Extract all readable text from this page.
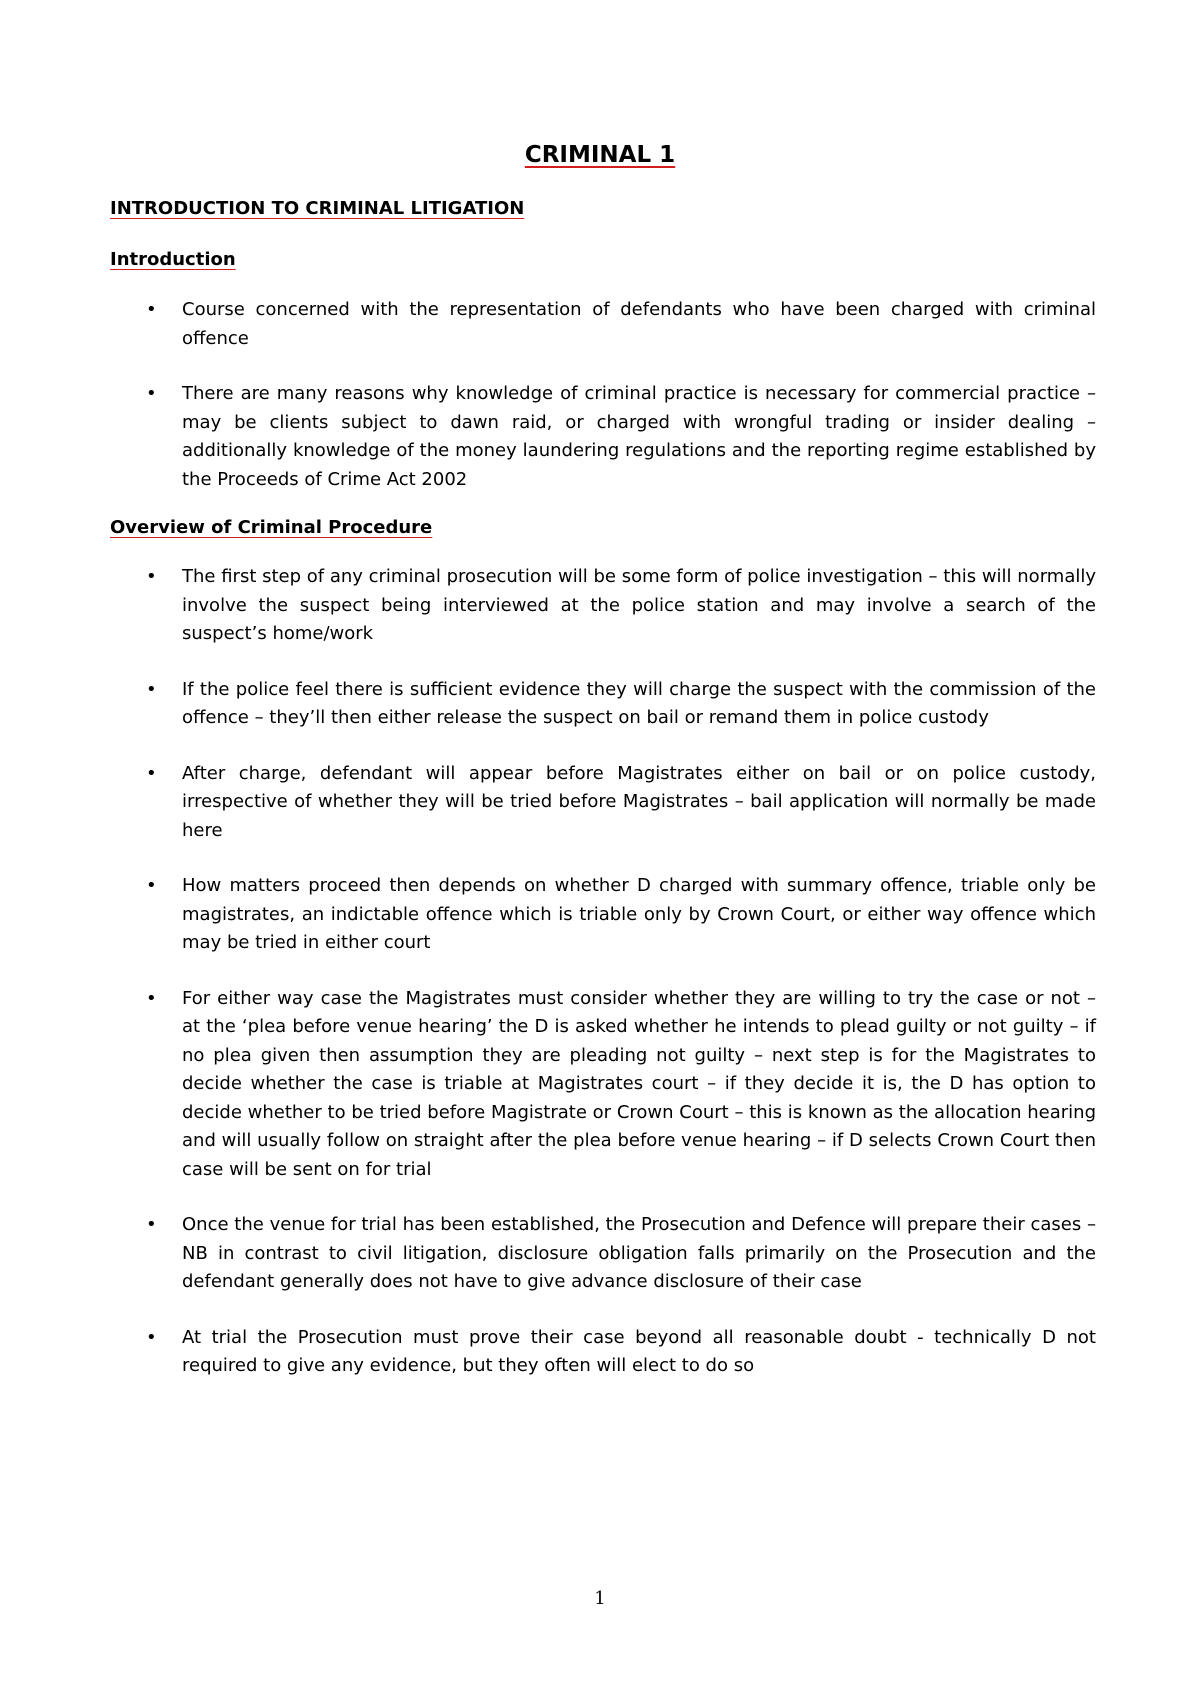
CRIMINAL 1
INTRODUCTION TO CRIMINAL LITIGATION
Introduction
• Course concerned with the representation of defendants who have been charged with criminal offence
• There are many reasons why knowledge of criminal practice is necessary for commercial practice – may be clients subject to dawn raid, or charged with wrongful trading or insider dealing – additionally knowledge of the money laundering regulations and the reporting regime established by the Proceeds of Crime Act 2002
Overview of Criminal Procedure
• The first step of any criminal prosecution will be some form of police investigation – this will normally involve the suspect being interviewed at the police station and may involve a search of the suspect’s home/work
• If the police feel there is sufficient evidence they will charge the suspect with the commission of the offence – they’ll then either release the suspect on bail or remand them in police custody
• After charge, defendant will appear before Magistrates either on bail or on police custody, irrespective of whether they will be tried before Magistrates – bail application will normally be made here
• How matters proceed then depends on whether D charged with summary offence, triable only be magistrates, an indictable offence which is triable only by Crown Court, or either way offence which may be tried in either court
• For either way case the Magistrates must consider whether they are willing to try the case or not – at the ‘plea before venue hearing’ the D is asked whether he intends to plead guilty or not guilty – if no plea given then assumption they are pleading not guilty – next step is for the Magistrates to decide whether the case is triable at Magistrates court – if they decide it is, the D has option to decide whether to be tried before Magistrate or Crown Court – this is known as the allocation hearing and will usually follow on straight after the plea before venue hearing – if D selects Crown Court then case will be sent on for trial
• Once the venue for trial has been established, the Prosecution and Defence will prepare their cases – NB in contrast to civil litigation, disclosure obligation falls primarily on the Prosecution and the defendant generally does not have to give advance disclosure of their case
• At trial the Prosecution must prove their case beyond all reasonable doubt - technically D not required to give any evidence, but they often will elect to do so
1
